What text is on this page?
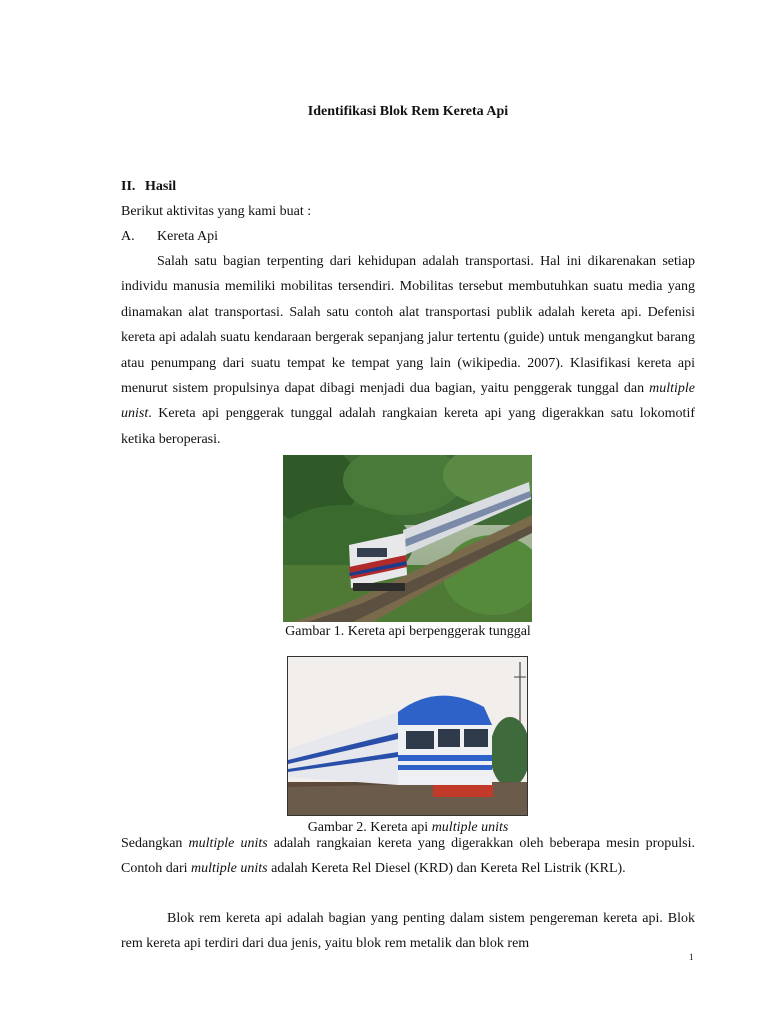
Identifikasi Blok Rem Kereta Api
II. Hasil
Berikut aktivitas yang kami buat :
A. Kereta Api

Salah satu bagian terpenting dari kehidupan adalah transportasi. Hal ini dikarenakan setiap individu manusia memiliki mobilitas tersendiri. Mobilitas tersebut membutuhkan suatu media yang dinamakan alat transportasi. Salah satu contoh alat transportasi publik adalah kereta api. Defenisi kereta api adalah suatu kendaraan bergerak sepanjang jalur tertentu (guide) untuk mengangkut barang atau penumpang dari suatu tempat ke tempat yang lain (wikipedia. 2007). Klasifikasi kereta api menurut sistem propulsinya dapat dibagi menjadi dua bagian, yaitu penggerak tunggal dan multiple unist. Kereta api penggerak tunggal adalah rangkaian kereta api yang digerakkan satu lokomotif ketika beroperasi.

Gambar 1. Kereta api berpenggerak tunggal
Gambar 2. Kereta api multiple units

Sedangkan multiple units adalah rangkaian kereta yang digerakkan oleh beberapa mesin propulsi. Contoh dari multiple units adalah Kereta Rel Diesel (KRD) dan Kereta Rel Listrik (KRL).

Blok rem kereta api adalah bagian yang penting dalam sistem pengereman kereta api. Blok rem kereta api terdiri dari dua jenis, yaitu blok rem metalik dan blok rem

1
